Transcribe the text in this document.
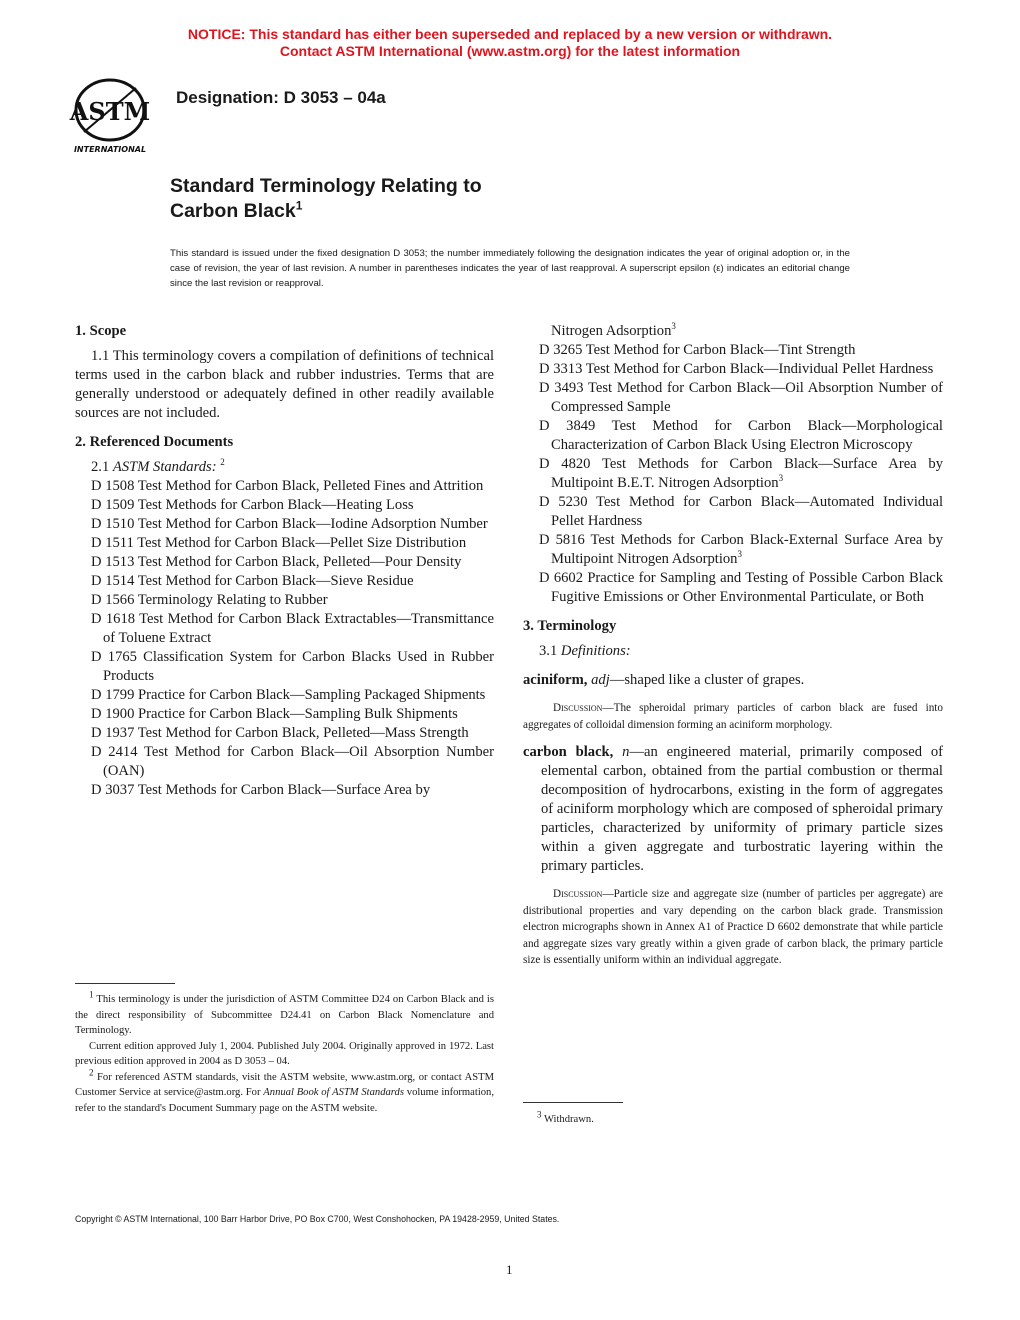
NOTICE: This standard has either been superseded and replaced by a new version or withdrawn.
Contact ASTM International (www.astm.org) for the latest information
ASTM
INTERNATIONAL
Designation: D 3053 – 04a
Standard Terminology Relating to
Carbon Black$^1$
This standard is issued under the fixed designation D 3053; the number immediately following the designation indicates the year of original adoption or, in the case of revision, the year of last revision. A number in parentheses indicates the year of last reapproval. A superscript epsilon (ε) indicates an editorial change since the last revision or reapproval.

1. Scope

1.1 This terminology covers a compilation of definitions of technical terms used in the carbon black and rubber industries. Terms that are generally understood or adequately defined in other readily available sources are not included.

2. Referenced Documents

2.1 ASTM Standards: $^2$

D 1508 Test Method for Carbon Black, Pelleted Fines and Attrition

D 1509 Test Methods for Carbon Black—Heating Loss

D 1510 Test Method for Carbon Black—Iodine Adsorption Number

D 1511 Test Method for Carbon Black—Pellet Size Distribution

D 1513 Test Method for Carbon Black, Pelleted—Pour Density

D 1514 Test Method for Carbon Black—Sieve Residue

D 1566 Terminology Relating to Rubber

D 1618 Test Method for Carbon Black Extractables—Transmittance of Toluene Extract

D 1765 Classification System for Carbon Blacks Used in Rubber Products

D 1799 Practice for Carbon Black—Sampling Packaged Shipments

D 1900 Practice for Carbon Black—Sampling Bulk Shipments

D 1937 Test Method for Carbon Black, Pelleted—Mass Strength

D 2414 Test Method for Carbon Black—Oil Absorption Number (OAN)

D 3037 Test Methods for Carbon Black—Surface Area by

Nitrogen Adsorption$^3$

D 3265 Test Method for Carbon Black—Tint Strength

D 3313 Test Method for Carbon Black—Individual Pellet Hardness

D 3493 Test Method for Carbon Black—Oil Absorption Number of Compressed Sample

D 3849 Test Method for Carbon Black—Morphological Characterization of Carbon Black Using Electron Microscopy

D 4820 Test Methods for Carbon Black—Surface Area by Multipoint B.E.T. Nitrogen Adsorption$^3$

D 5230 Test Method for Carbon Black—Automated Individual Pellet Hardness

D 5816 Test Methods for Carbon Black-External Surface Area by Multipoint Nitrogen Adsorption$^3$

D 6602 Practice for Sampling and Testing of Possible Carbon Black Fugitive Emissions or Other Environmental Particulate, or Both

3. Terminology

3.1 Definitions:

aciniform, adj—shaped like a cluster of grapes.

Discussion—The spheroidal primary particles of carbon black are fused into aggregates of colloidal dimension forming an aciniform morphology.

carbon black, n—an engineered material, primarily composed of elemental carbon, obtained from the partial combustion or thermal decomposition of hydrocarbons, existing in the form of aggregates of aciniform morphology which are composed of spheroidal primary particles, characterized by uniformity of primary particle sizes within a given aggregate and turbostratic layering within the primary particles.

Discussion—Particle size and aggregate size (number of particles per aggregate) are distributional properties and vary depending on the carbon black grade. Transmission electron micrographs shown in Annex A1 of Practice D 6602 demonstrate that while particle and aggregate sizes vary greatly within a given grade of carbon black, the primary particle size is essentially uniform within an individual aggregate.

$^1$ This terminology is under the jurisdiction of ASTM Committee D24 on Carbon Black and is the direct responsibility of Subcommittee D24.41 on Carbon Black Nomenclature and Terminology.

Current edition approved July 1, 2004. Published July 2004. Originally approved in 1972. Last previous edition approved in 2004 as D 3053 – 04.

$^2$ For referenced ASTM standards, visit the ASTM website, www.astm.org, or contact ASTM Customer Service at service@astm.org. For Annual Book of ASTM Standards volume information, refer to the standard's Document Summary page on the ASTM website.

$^3$ Withdrawn.

Copyright © ASTM International, 100 Barr Harbor Drive, PO Box C700, West Conshohocken, PA 19428-2959, United States.
1
